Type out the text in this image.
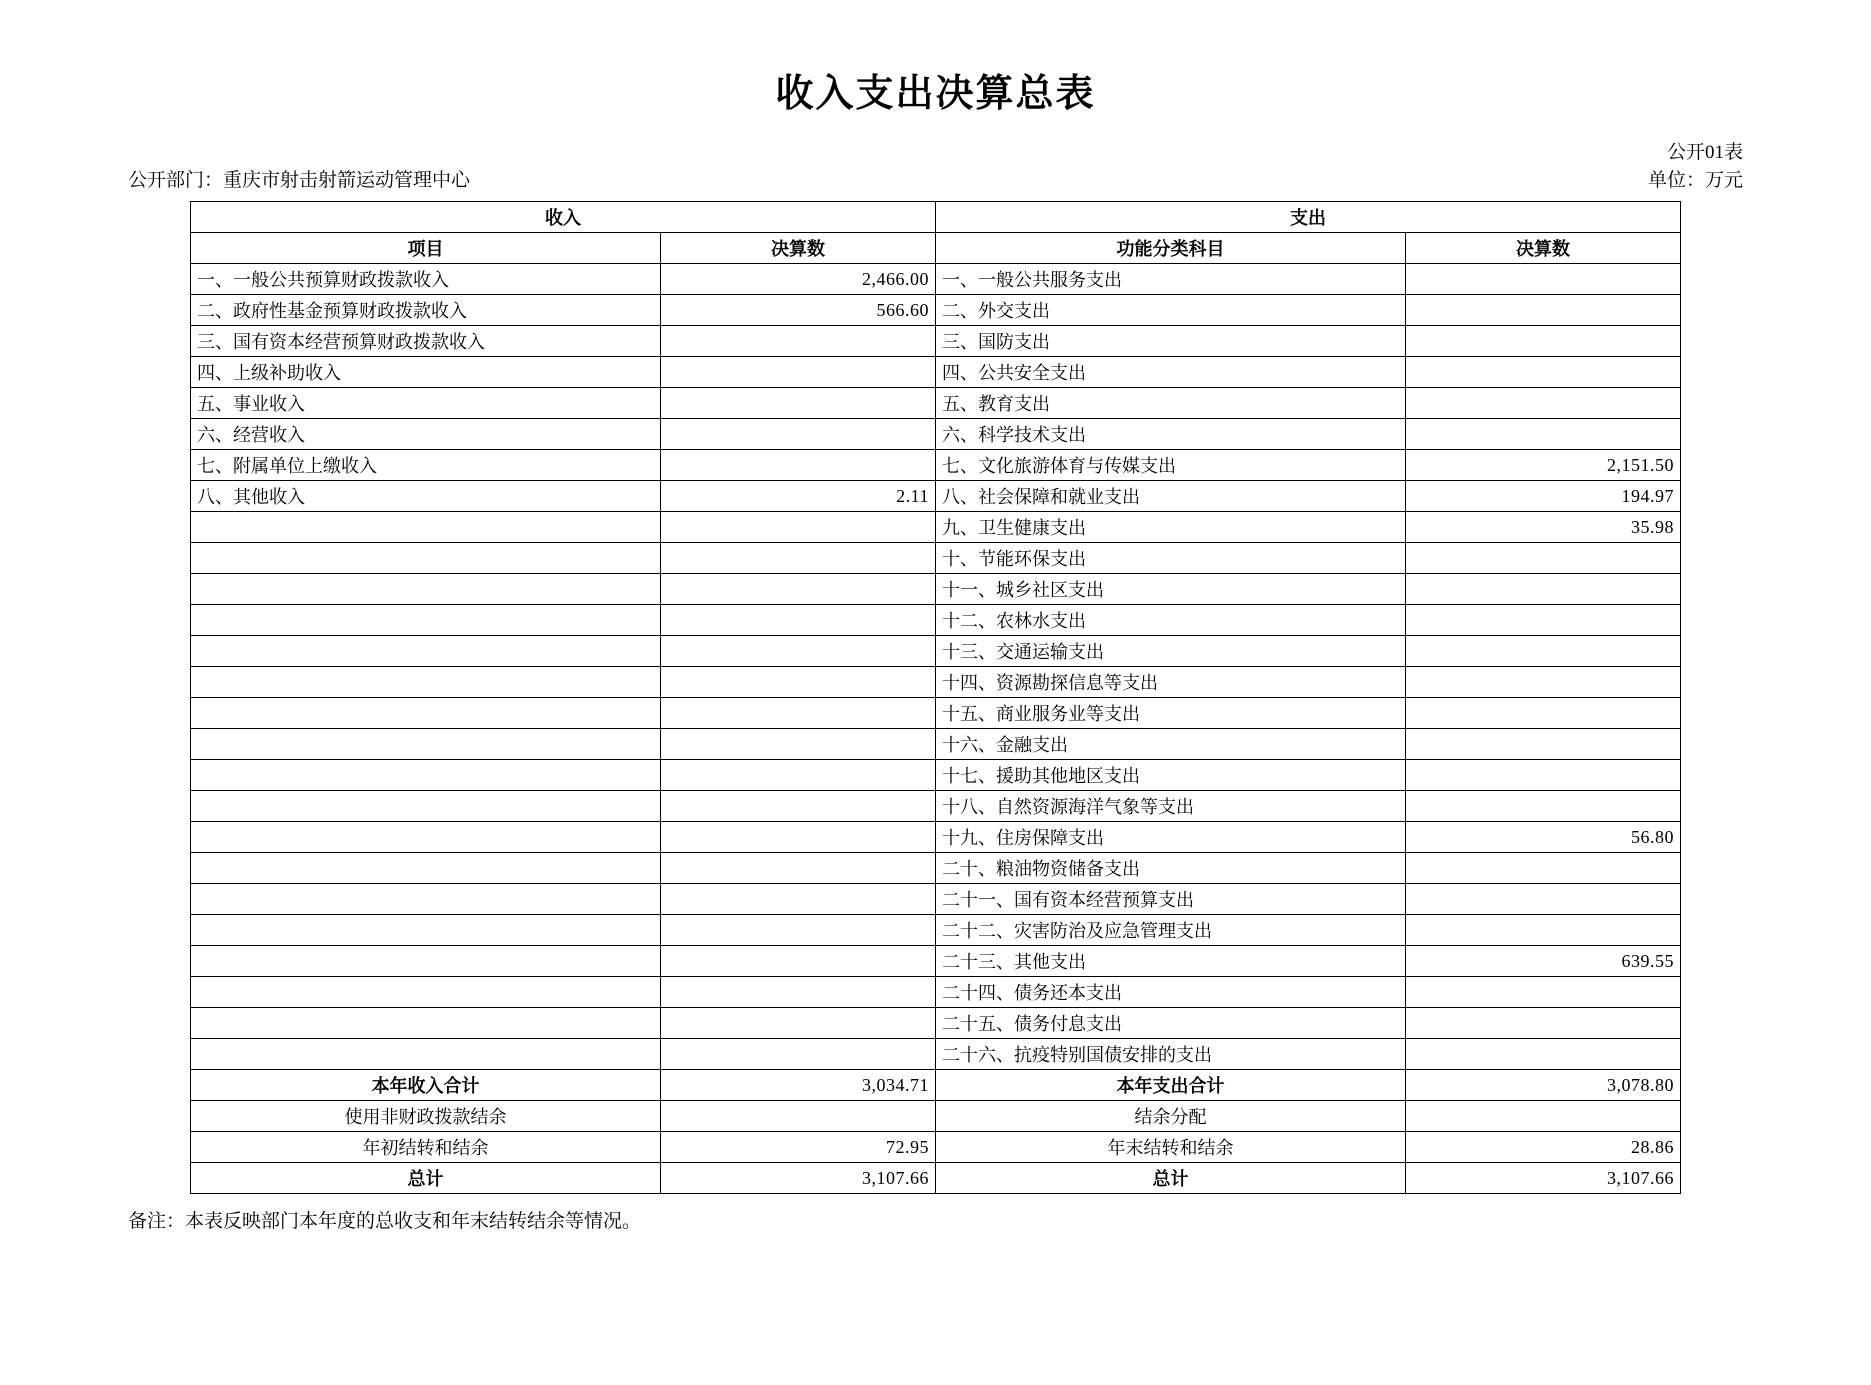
收入支出决算总表
公开部门：重庆市射击射箭运动管理中心
公开01表
单位：万元
收入		支出	
项目	决算数	功能分类科目	决算数
一、一般公共预算财政拨款收入	2,466.00	一、一般公共服务支出	
二、政府性基金预算财政拨款收入	566.60	二、外交支出	
三、国有资本经营预算财政拨款收入		三、国防支出	
四、上级补助收入		四、公共安全支出	
五、事业收入		五、教育支出	
六、经营收入		六、科学技术支出	
七、附属单位上缴收入		七、文化旅游体育与传媒支出	2,151.50
八、其他收入	2.11	八、社会保障和就业支出	194.97
		九、卫生健康支出	35.98
		十、节能环保支出	
		十一、城乡社区支出	
		十二、农林水支出	
		十三、交通运输支出	
		十四、资源勘探信息等支出	
		十五、商业服务业等支出	
		十六、金融支出	
		十七、援助其他地区支出	
		十八、自然资源海洋气象等支出	
		十九、住房保障支出	56.80
		二十、粮油物资储备支出	
		二十一、国有资本经营预算支出	
		二十二、灾害防治及应急管理支出	
		二十三、其他支出	639.55
		二十四、债务还本支出	
		二十五、债务付息支出	
		二十六、抗疫特别国债安排的支出	
本年收入合计	3,034.71	本年支出合计	3,078.80
使用非财政拨款结余		结余分配	
年初结转和结余	72.95	年末结转和结余	28.86
总计	3,107.66	总计	3,107.66
备注：本表反映部门本年度的总收支和年末结转结余等情况。
